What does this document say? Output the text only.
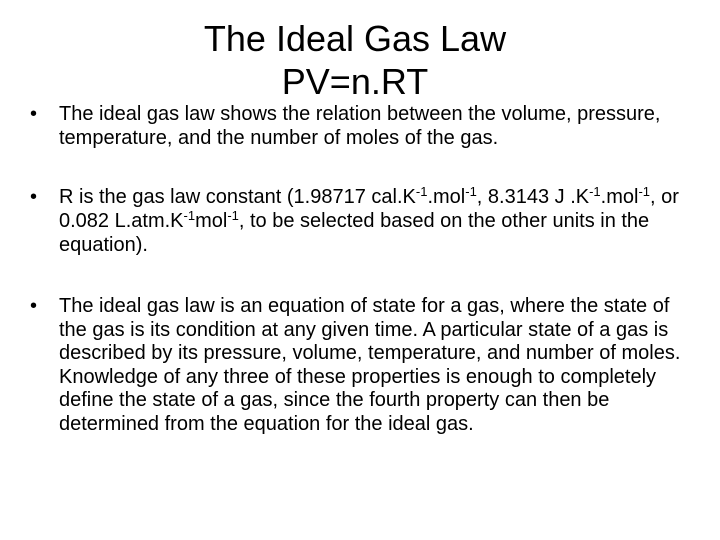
The Ideal Gas Law
PV=n.RT
• The ideal gas law shows the relation between the volume, pressure, temperature, and the number of moles of the gas.
• R is the gas law constant (1.98717 $cal.K^{-1}.mol^{-1}$, 8.3143 J $.K^{-1}.mol^{-1}$, or 0.082 $L.atm.K^{-1}mol^{-1}$, to be selected based on the other units in the equation).
• The ideal gas law is an equation of state for a gas, where the state of the gas is its condition at any given time. A particular state of a gas is described by its pressure, volume, temperature, and number of moles. Knowledge of any three of these properties is enough to completely define the state of a gas, since the fourth property can then be determined from the equation for the ideal gas.
